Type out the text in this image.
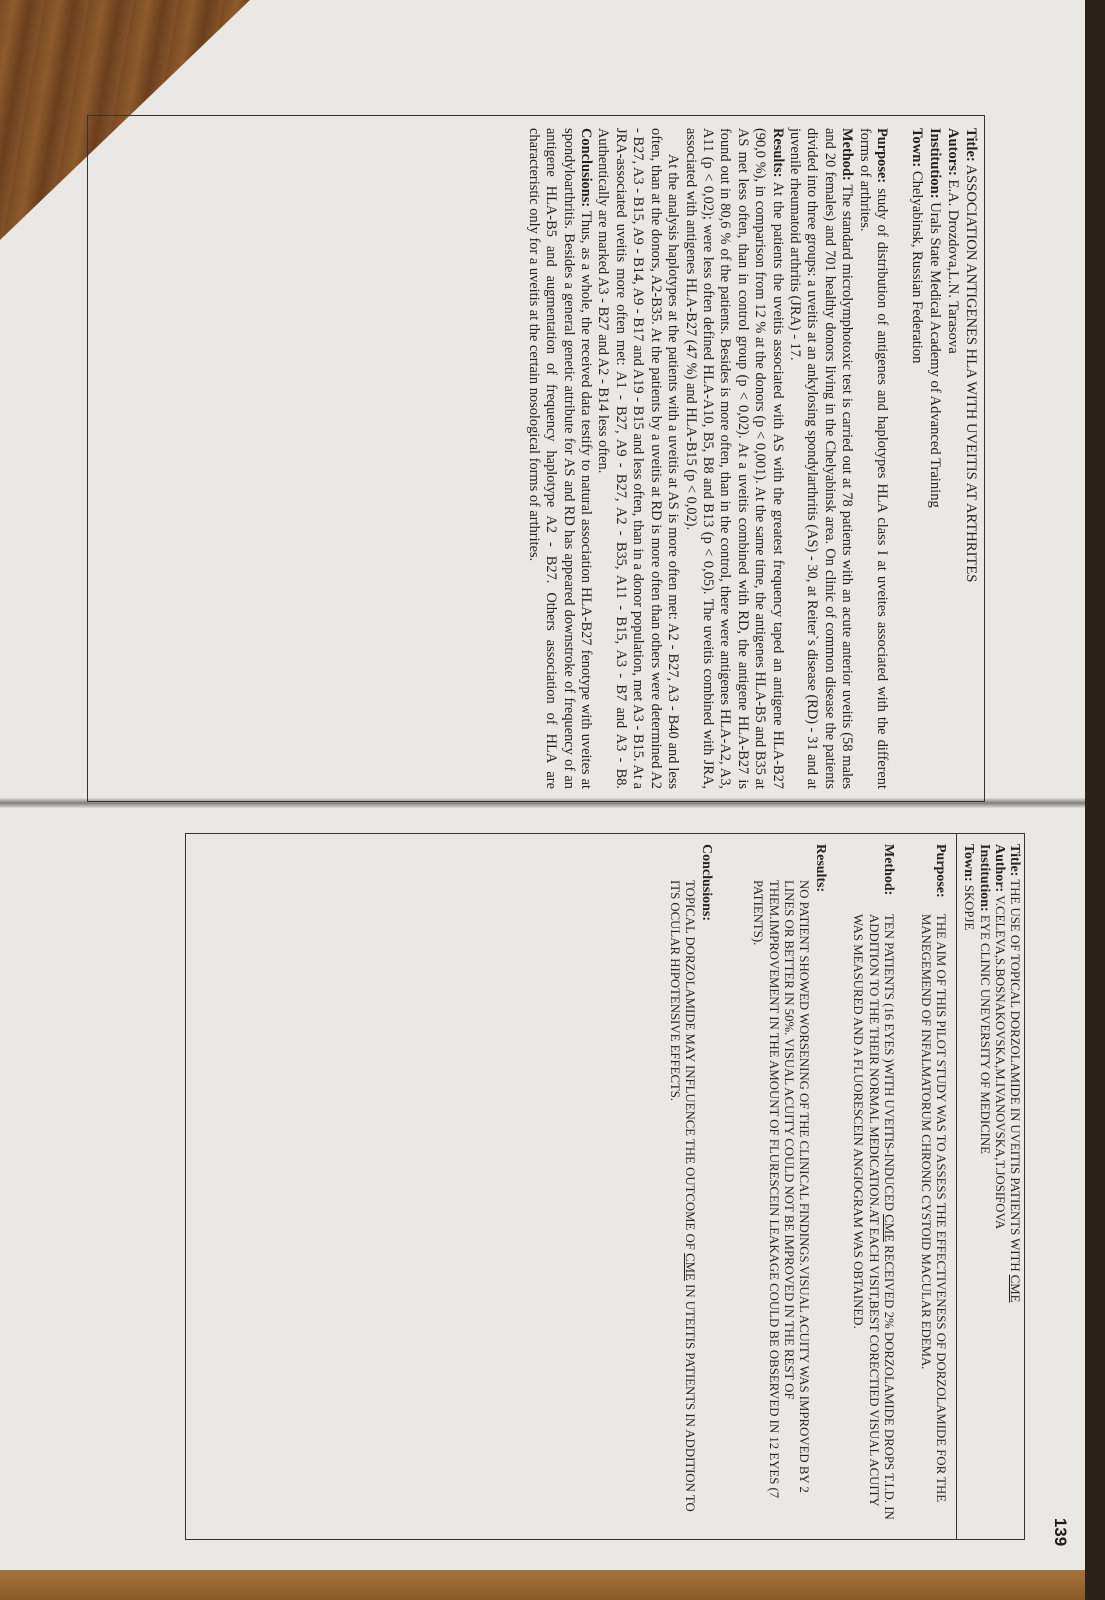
139

Title: ASSOCIATION ANTIGENES HLA WITH UVEITIS AT ARTHRITES

Autors: E.A. Drozdova,L.N. Tarasova

Institution: Urals State Medical Academy of Advanced Training

Town: Chelyabinsk, Russian Federation

Purpose: study of distribution of antigenes and haplotypes HLA class I at uveites associated with the different forms of arthrites.

Method: The standard microlymphotoxic test is carried out at 78 patients with an acute anterior uveitis (58 males and 20 females) and 701 healthy donors living in the Chelyabinsk area. On clinic of common disease the patients divided into three groups: a uveitis at an ankylosing spondylarthritis (AS) - 30, at Reiter`s disease (RD) - 31 and at juvenile rheumatoid arthritis (JRA) - 17.

Results: At the patients the uveitis associated with AS with the greatest frequency taped an antigene HLA-B27 (90,0 %), in comparison from 12 % at the donors (p < 0,001). At the same time, the antigenes HLA-B5 and B35 at AS met less often, than in control group (p < 0,02). At a uveitis combined with RD, the antigene HLA-B27 is found out in 80,6 % of the patients. Besides is more often, than in the control, there were antigenes HLA-A2, A3, A11 (p < 0,02); were less often defined HLA-A10, B5, B8 and B13 (p < 0,05). The uveitis combined with JRA, associated with antigenes HLA-B27 (47 %) and HLA-B15 (p < 0,02).

At the analysis haplotypes at the patients with a uveitis at AS is more often met: A2 - B27, A3 - B40 and less often, than at the donors, A2-B35. At the patients by a uveitis at RD is more often than others were determined A2 - B27, A3 - B15, A9 - B14, A9 - B17 and A19 - B15 and less often, than in a donor population, met A3 - B15. At a JRA-associated uveitis more often met: A1 - B27, A9 - B27, A2 - B35, A11 - B15, A3 - B7 and A3 - B8. Authentically are marked A3 - B27 and A2 - B14 less often.

Conclusions: Thus, as a whole, the received data testify to natural association HLA-B27 fenotype with uveites at spondyloarthritis. Besides a general genetic attribute for AS and RD has appeared downstroke of frequency of an antigene HLA-B5 and augmentation of frequency haplotype A2 - B27. Others association of HLA are characteristic only for a uveitis at the certain nosological forms of arthrites.

Title: THE USE OF TOPICAL DORZOLAMIDE IN UVEITIS PATIENTS WITH CME

Author: V.CELEVA,S.BOSNAKOVSKA,M.IVANOVSKA,T.JOSIFOVA

Institution: EYE CLINIC UNEVERSITY OF MEDICINE

Town: SKOPJE

Purpose:
THE AIM OF THIS PILOT STUDY WAS TO ASSESS THE EFFECTIVENESS OF DORZOLAMIDE FOR THE MANEGEMEND OF INFALMATORUM CHRONIC CYSTOID MACULAR EDEMA.
Method:
TEN PATIENTS (16 EYES )WITH UVEITIS-INDUCED CME RECEIVED 2% DORZOLAMIDE DROPS T.I.D. IN ADDITION TO THE THEIR NORMAL MEDICATION.AT EACH VISIT,BEST CORECTIED VISUAL ACUITY WAS MEASURED AND A FLUORESCEIN ANGIOGRAM WAS OBTAINED.

Results:

NO PATIENT SHOWED WORSENING OF THE CLINICAL FINDINGS.VISUAL ACUITY WAS IMPROVED BY 2 LINES OR BETTER IN 50%. VISUAL ACUITY COULD NOT BE IMPROVED IN THE REST OF THEM.IMPROVEMENT IN THE AMOUNT OF FLURESCEIN LEAKAGE COULD BE OBSERVED IN 12 EYES (7 PATIENTS).

Conclusions:

TOPICAL DORZOLAMIDE MAY INFLUENCE THE OUTCOME OF CME IN UTEITIS PATIENTS IN ADDITION TO ITS OCULAR HIPOTENSIVE EFFECTS.
